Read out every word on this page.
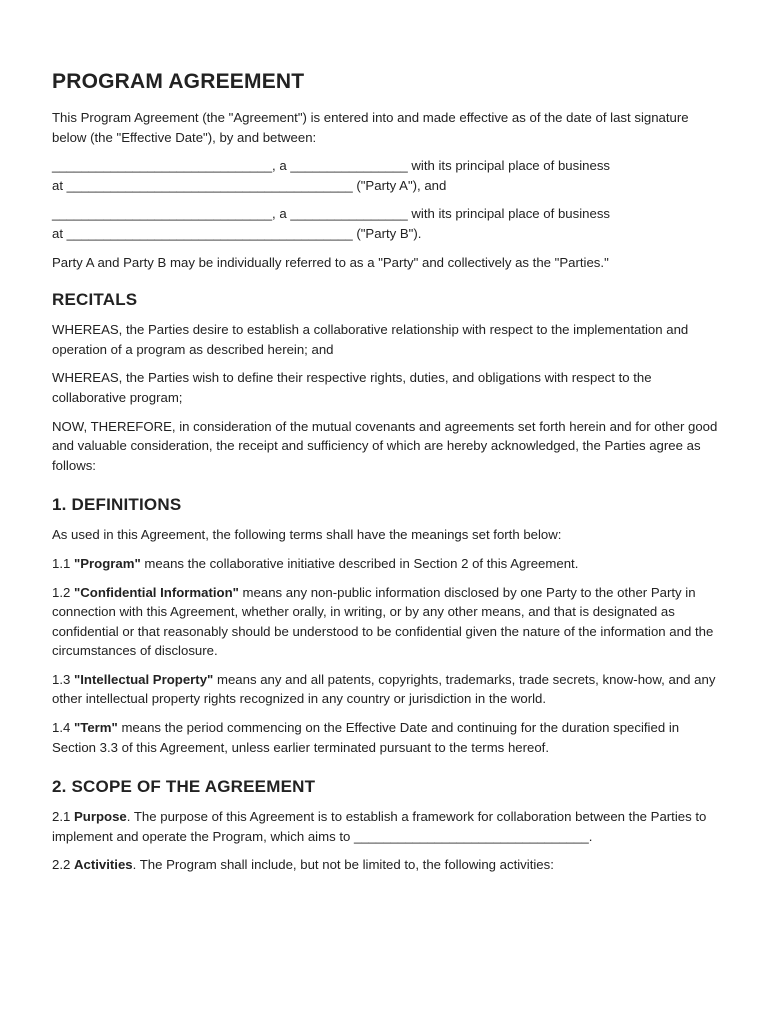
PROGRAM AGREEMENT

This Program Agreement (the "Agreement") is entered into and made effective as of the date of last signature below (the "Effective Date"), by and between:

______________________________, a ________________ with its principal place of business
at _______________________________________ ("Party A"), and

______________________________, a ________________ with its principal place of business
at _______________________________________ ("Party B").

Party A and Party B may be individually referred to as a "Party" and collectively as the "Parties."

RECITALS

WHEREAS, the Parties desire to establish a collaborative relationship with respect to the implementation and operation of a program as described herein; and

WHEREAS, the Parties wish to define their respective rights, duties, and obligations with respect to the collaborative program;

NOW, THEREFORE, in consideration of the mutual covenants and agreements set forth herein and for other good and valuable consideration, the receipt and sufficiency of which are hereby acknowledged, the Parties agree as follows:

1. DEFINITIONS

As used in this Agreement, the following terms shall have the meanings set forth below:

1.1 "Program" means the collaborative initiative described in Section 2 of this Agreement.

1.2 "Confidential Information" means any non-public information disclosed by one Party to the other Party in connection with this Agreement, whether orally, in writing, or by any other means, and that is designated as confidential or that reasonably should be understood to be confidential given the nature of the information and the circumstances of disclosure.

1.3 "Intellectual Property" means any and all patents, copyrights, trademarks, trade secrets, know-how, and any other intellectual property rights recognized in any country or jurisdiction in the world.

1.4 "Term" means the period commencing on the Effective Date and continuing for the duration specified in Section 3.3 of this Agreement, unless earlier terminated pursuant to the terms hereof.

2. SCOPE OF THE AGREEMENT

2.1 Purpose. The purpose of this Agreement is to establish a framework for collaboration between the Parties to implement and operate the Program, which aims to ________________________________.

2.2 Activities. The Program shall include, but not be limited to, the following activities:
